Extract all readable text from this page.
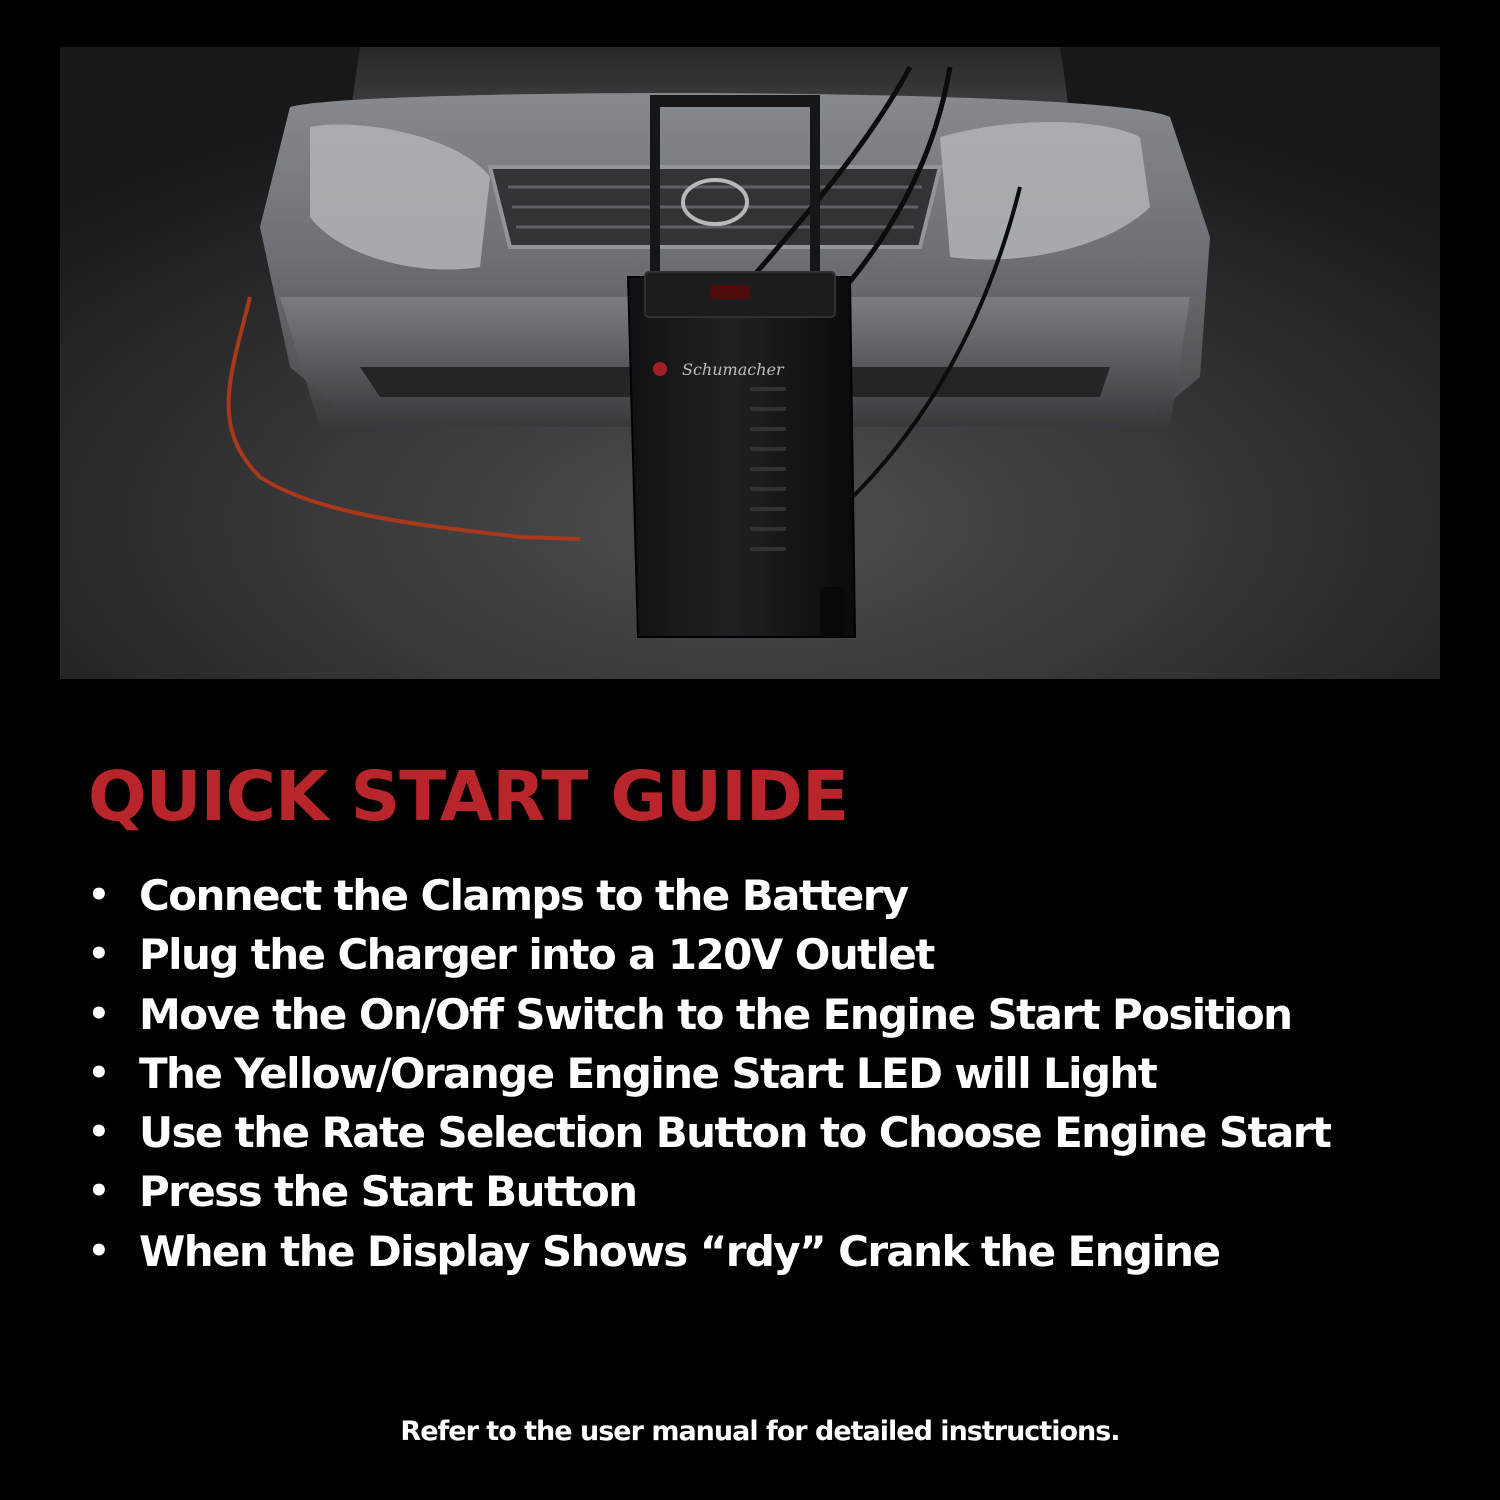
Schumacher
QUICK START GUIDE
• Connect the Clamps to the Battery
• Plug the Charger into a 120V Outlet
• Move the On/Off Switch to the Engine Start Position
• The Yellow/Orange Engine Start LED will Light
• Use the Rate Selection Button to Choose Engine Start
• Press the Start Button
• When the Display Shows “rdy” Crank the Engine
Refer to the user manual for detailed instructions.
